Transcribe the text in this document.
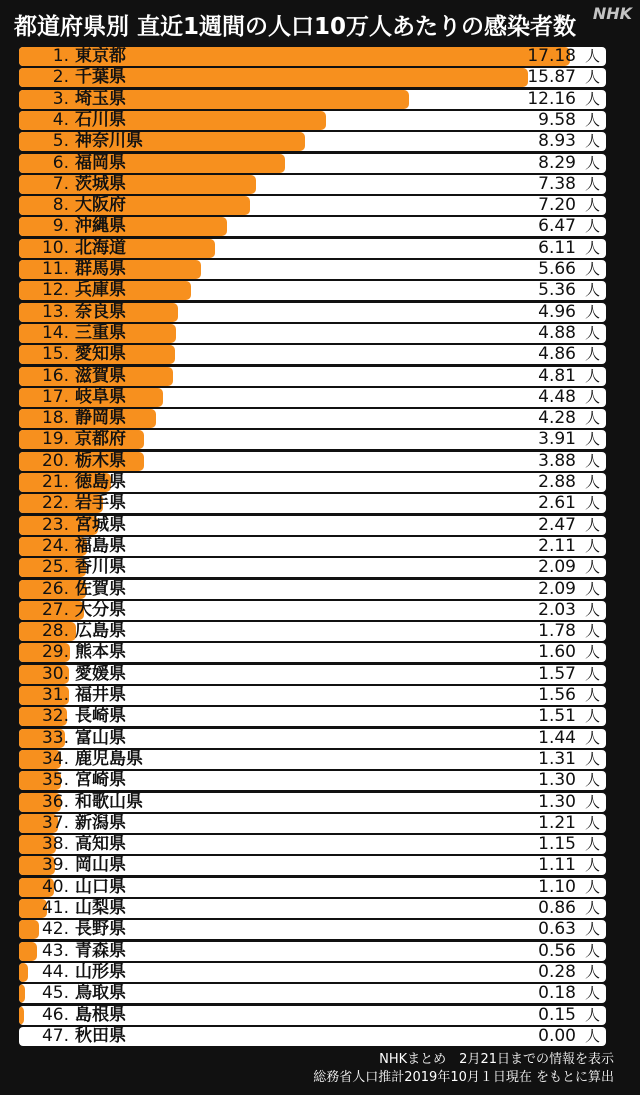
都道府県別 直近1週間の人口10万人あたりの感染者数
NHK
1. 東京都	17.18 人
2. 千葉県	15.87 人
3. 埼玉県	12.16 人
4. 石川県	9.58 人
5. 神奈川県	8.93 人
6. 福岡県	8.29 人
7. 茨城県	7.38 人
8. 大阪府	7.20 人
9. 沖縄県	6.47 人
10. 北海道	6.11 人
11. 群馬県	5.66 人
12. 兵庫県	5.36 人
13. 奈良県	4.96 人
14. 三重県	4.88 人
15. 愛知県	4.86 人
16. 滋賀県	4.81 人
17. 岐阜県	4.48 人
18. 静岡県	4.28 人
19. 京都府	3.91 人
20. 栃木県	3.88 人
21. 徳島県	2.88 人
22. 岩手県	2.61 人
23. 宮城県	2.47 人
24. 福島県	2.11 人
25. 香川県	2.09 人
26. 佐賀県	2.09 人
27. 大分県	2.03 人
28. 広島県	1.78 人
29. 熊本県	1.60 人
30. 愛媛県	1.57 人
31. 福井県	1.56 人
32. 長崎県	1.51 人
33. 富山県	1.44 人
34. 鹿児島県	1.31 人
35. 宮崎県	1.30 人
36. 和歌山県	1.30 人
37. 新潟県	1.21 人
38. 高知県	1.15 人
39. 岡山県	1.11 人
40. 山口県	1.10 人
41. 山梨県	0.86 人
42. 長野県	0.63 人
43. 青森県	0.56 人
44. 山形県	0.28 人
45. 鳥取県	0.18 人
46. 島根県	0.15 人
47. 秋田県	0.00 人
NHKまとめ　2月21日までの情報を表示
総務省人口推計2019年10月１日現在 をもとに算出
